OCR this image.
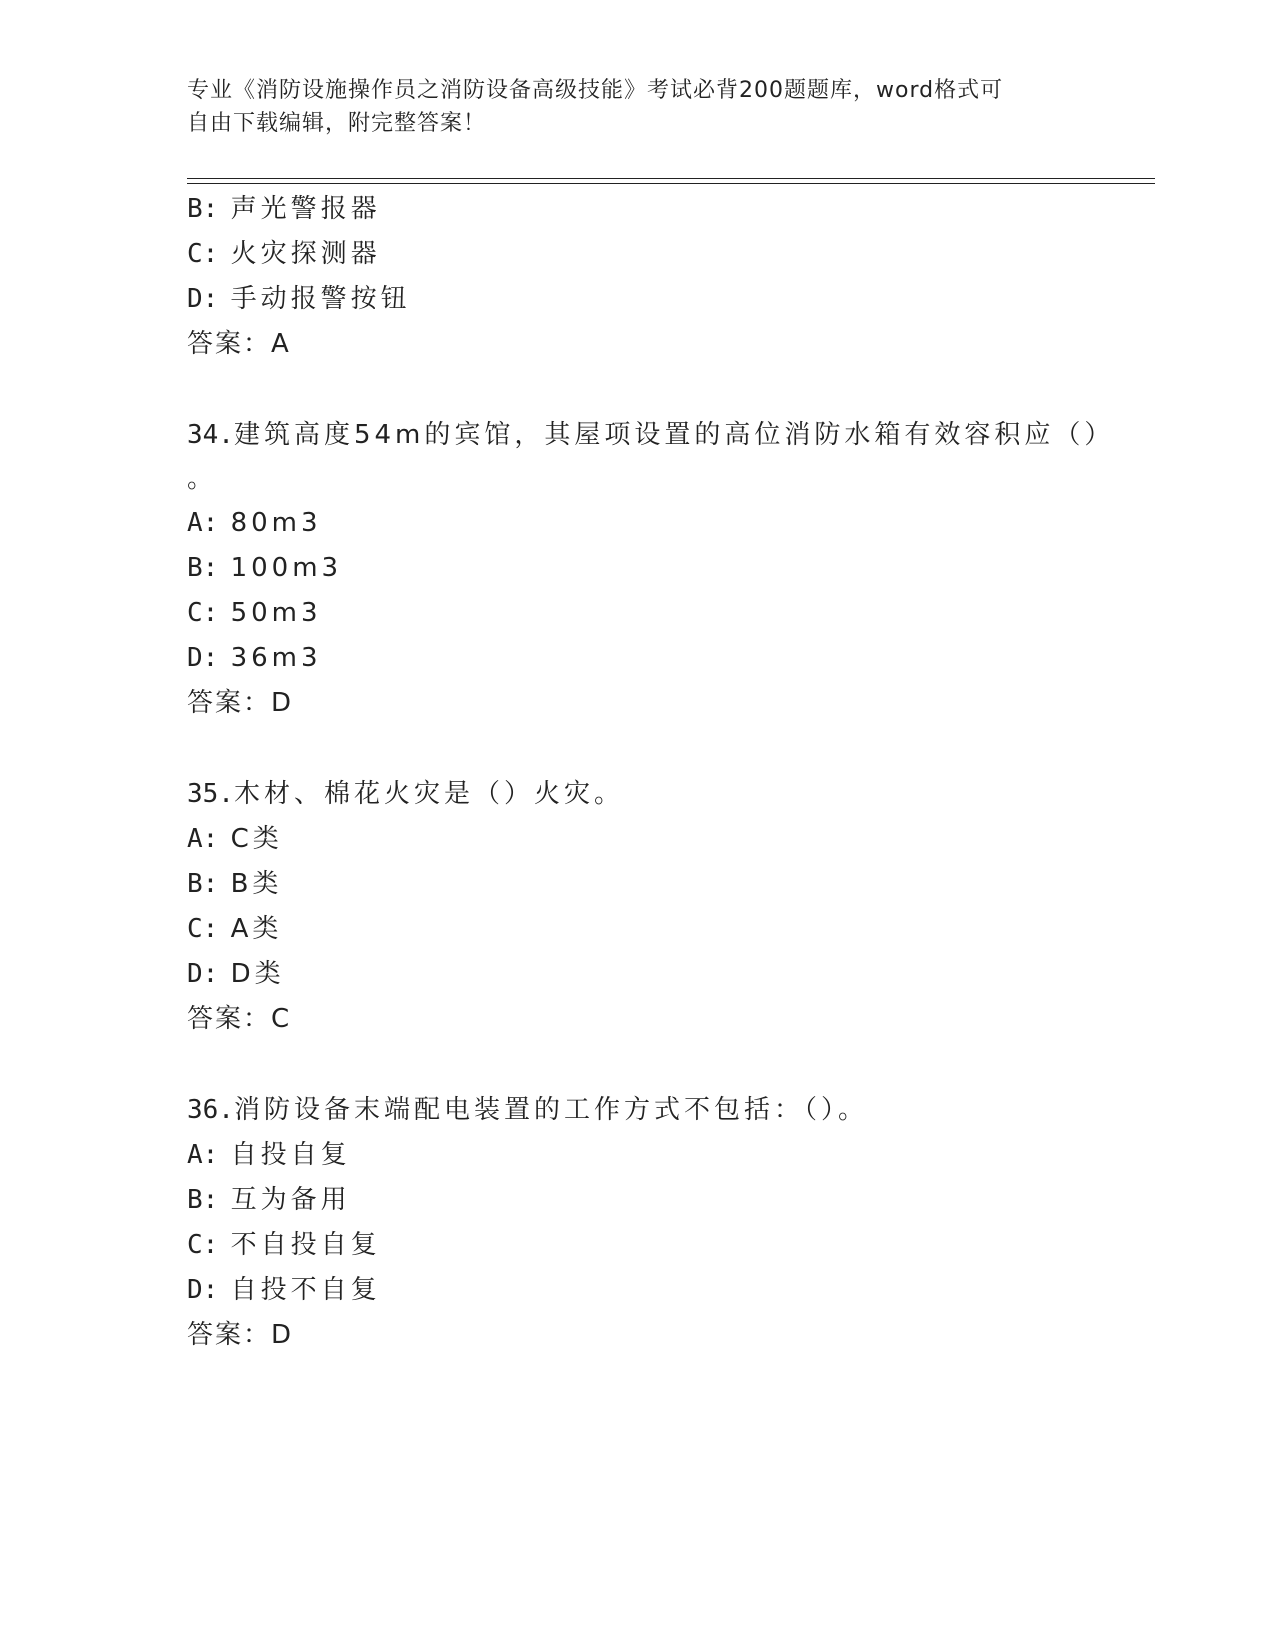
专业《消防设施操作员之消防设备高级技能》考试必背200题题库，word格式可
自由下载编辑，附完整答案！
B: 声光警报器
C: 火灾探测器
D: 手动报警按钮
答案：A
34.建筑高度54m的宾馆，其屋项设置的高位消防水箱有效容积应（）
。
A: 80m3
B: 100m3
C: 50m3
D: 36m3
答案：D
35.木材、棉花火灾是（）火灾。
A: C类
B: B类
C: A类
D: D类
答案：C
36.消防设备末端配电装置的工作方式不包括：（）。
A: 自投自复
B: 互为备用
C: 不自投自复
D: 自投不自复
答案：D
